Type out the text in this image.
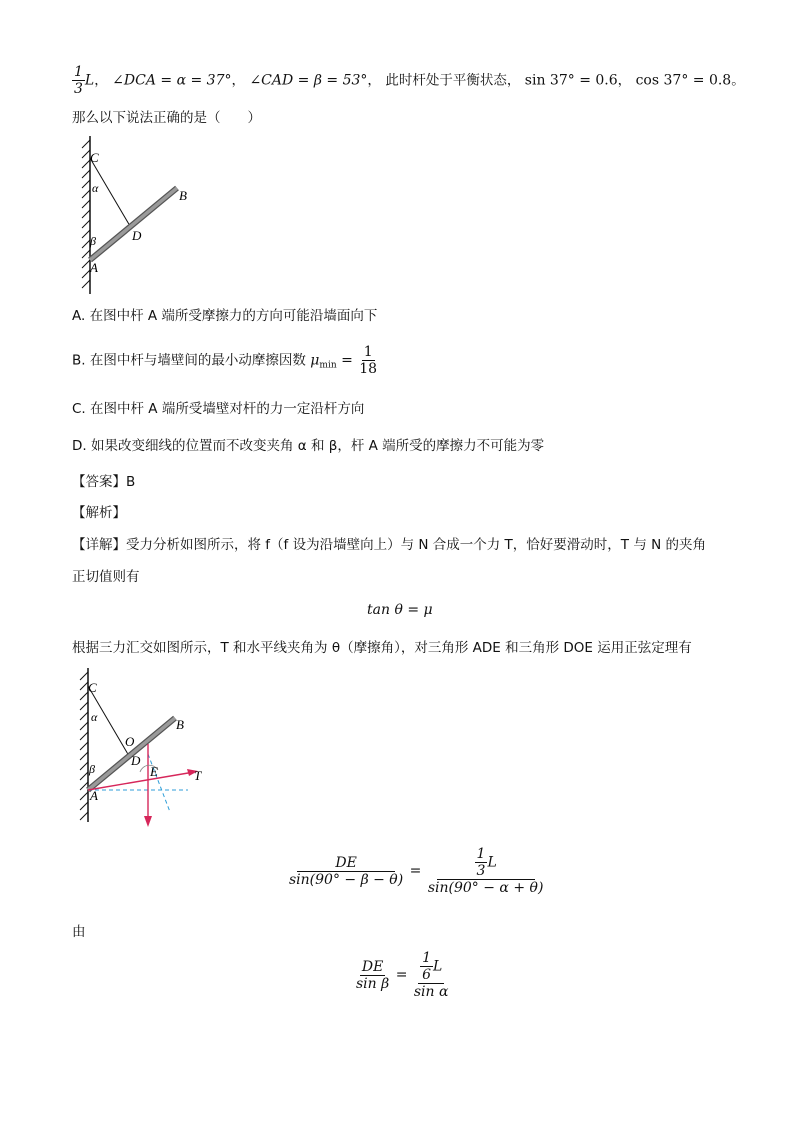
$\frac{1}{3}$ L， ∠DCA = α = 37°， ∠CAD = β = 53°， 此时杆处于平衡状态， sin 37° = 0.6， cos 37° = 0.8。
那么以下说法正确的是（　　）
C
α	B
D
β
A
A. 在图中杆 A 端所受摩擦力的方向可能沿墙面向下
B. 在图中杆与墙壁间的最小动摩擦因数 $\mu_{min} = \frac{1}{18}$
C. 在图中杆 A 端所受墙壁对杆的力一定沿杆方向
D. 如果改变细线的位置而不改变夹角 α 和 β，杆 A 端所受的摩擦力不可能为零
【答案】B
【解析】
【详解】受力分析如图所示，将 f（f 设为沿墙壁向上）与 N 合成一个力 T，恰好要滑动时，T 与 N 的夹角
正切值则有
tan θ = μ
根据三力汇交如图所示，T 和水平线夹角为 θ（摩擦角），对三角形 ADE 和三角形 DOE 运用正弦定理有
C
α
O
B
β
D
E	T
A
$\frac{DE}{\sin(90^\circ - \beta - \theta)} = \frac{\frac{1}{3} L}{\sin(90^\circ - \alpha + \theta)}$
由
$\frac{DE}{\text{sin β}} = \frac{\frac{1}{6} L}{\text{sin α}}$
